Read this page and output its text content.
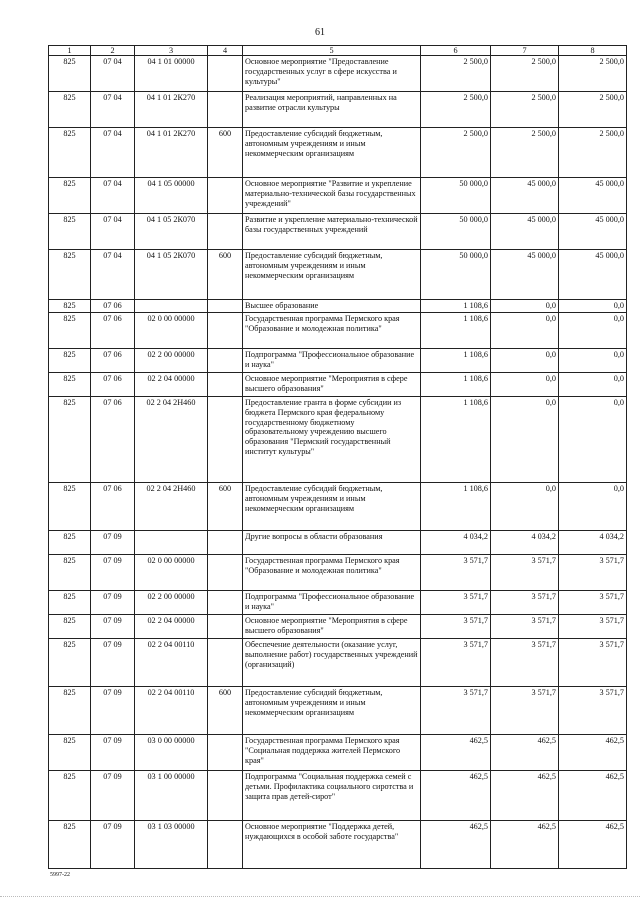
61
1	2	3	4	5	6	7	8
825	07 04	04 1 01 00000		Основное мероприятие "Предоставление государственных услуг в сфере искусства и культуры"	2 500,0	2 500,0	2 500,0
825	07 04	04 1 01 2К270		Реализация мероприятий, направленных на развитие отрасли культуры	2 500,0	2 500,0	2 500,0
825	07 04	04 1 01 2К270	600	Предоставление субсидий бюджетным, автономным учреждениям и иным некоммерческим организациям	2 500,0	2 500,0	2 500,0
825	07 04	04 1 05 00000		Основное мероприятие "Развитие и укрепление материально-технической базы государственных учреждений"	50 000,0	45 000,0	45 000,0
825	07 04	04 1 05 2К070		Развитие и укрепление материально-технической базы государственных учреждений	50 000,0	45 000,0	45 000,0
825	07 04	04 1 05 2К070	600	Предоставление субсидий бюджетным, автономным учреждениям и иным некоммерческим организациям	50 000,0	45 000,0	45 000,0
825	07 06			Высшее образование	1 108,6	0,0	0,0
825	07 06	02 0 00 00000		Государственная программа Пермского края "Образование и молодежная политика"	1 108,6	0,0	0,0
825	07 06	02 2 00 00000		Подпрограмма "Профессиональное образование и наука"	1 108,6	0,0	0,0
825	07 06	02 2 04 00000		Основное мероприятие "Мероприятия в сфере высшего образования"	1 108,6	0,0	0,0
825	07 06	02 2 04 2Н460		Предоставление гранта в форме субсидии из бюджета Пермского края федеральному государственному бюджетному образовательному учреждению высшего образования "Пермский государственный институт культуры"	1 108,6	0,0	0,0
825	07 06	02 2 04 2Н460	600	Предоставление субсидий бюджетным, автономным учреждениям и иным некоммерческим организациям	1 108,6	0,0	0,0
825	07 09			Другие вопросы в области образования	4 034,2	4 034,2	4 034,2
825	07 09	02 0 00 00000		Государственная программа Пермского края "Образование и молодежная политика"	3 571,7	3 571,7	3 571,7
825	07 09	02 2 00 00000		Подпрограмма "Профессиональное образование и наука"	3 571,7	3 571,7	3 571,7
825	07 09	02 2 04 00000		Основное мероприятие "Мероприятия в сфере высшего образования"	3 571,7	3 571,7	3 571,7
825	07 09	02 2 04 00110		Обеспечение деятельности (оказание услуг, выполнение работ) государственных учреждений (организаций)	3 571,7	3 571,7	3 571,7
825	07 09	02 2 04 00110	600	Предоставление субсидий бюджетным, автономным учреждениям и иным некоммерческим организациям	3 571,7	3 571,7	3 571,7
825	07 09	03 0 00 00000		Государственная программа Пермского края "Социальная поддержка жителей Пермского края"	462,5	462,5	462,5
825	07 09	03 1 00 00000		Подпрограмма "Социальная поддержка семей с детьми. Профилактика социального сиротства и защита прав детей-сирот"	462,5	462,5	462,5
825	07 09	03 1 03 00000		Основное мероприятие "Поддержка детей, нуждающихся в особой заботе государства"	462,5	462,5	462,5
5997-22
